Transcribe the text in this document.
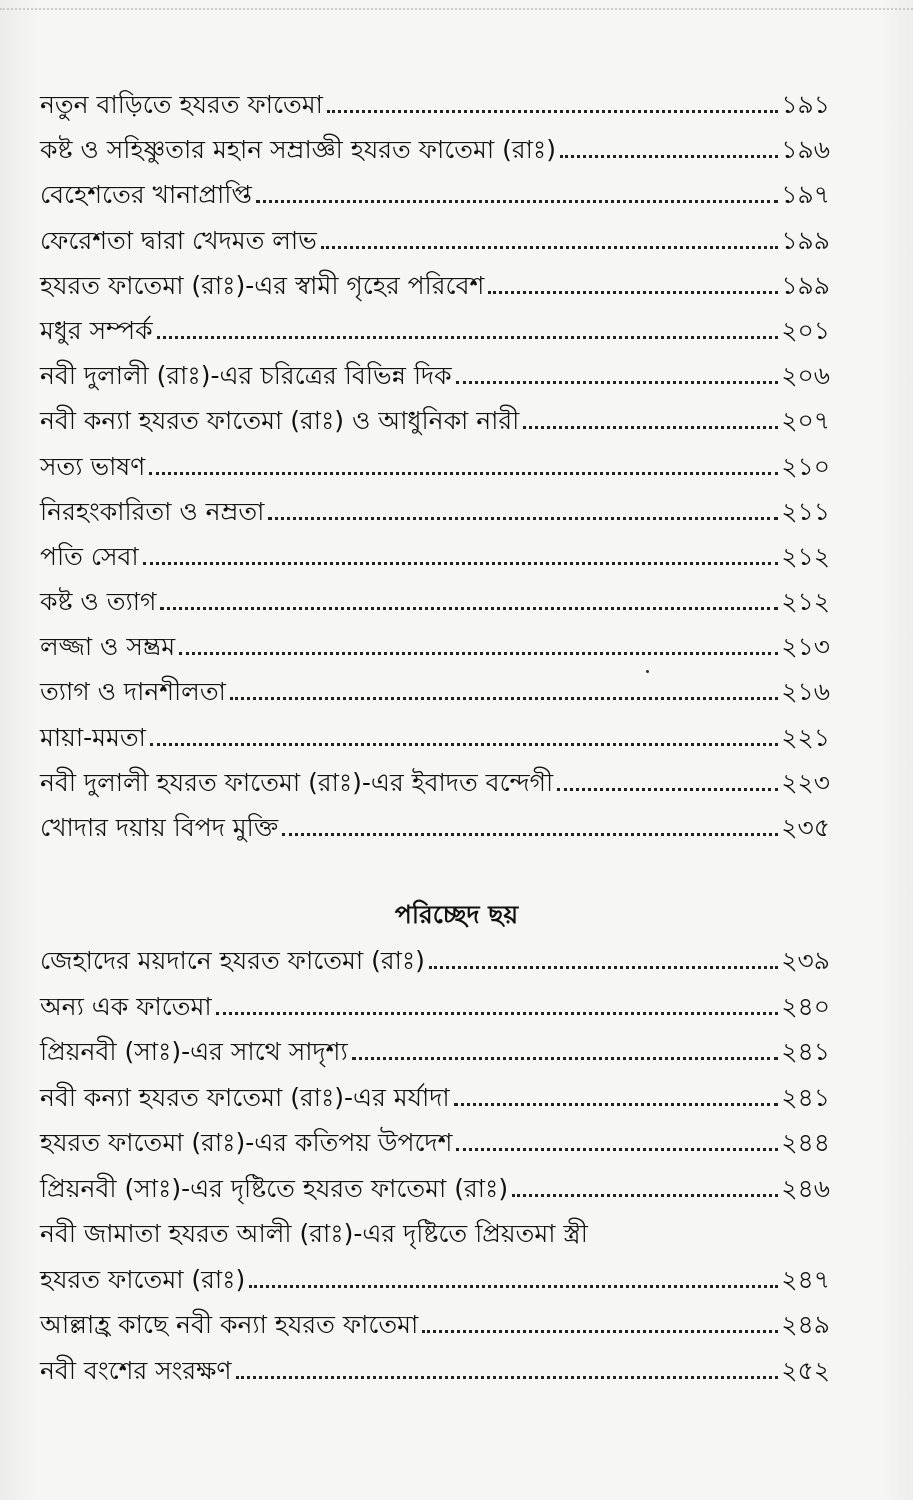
নতুন বাড়িতে হযরত ফাতেমা	১৯১
কষ্ট ও সহিষ্ণুতার মহান সম্রাজ্ঞী হযরত ফাতেমা (রাঃ)	১৯৬
বেহেশতের খানাপ্রাপ্তি	১৯৭
ফেরেশতা দ্বারা খেদমত লাভ	১৯৯
হযরত ফাতেমা (রাঃ)-এর স্বামী গৃহের পরিবেশ	১৯৯
মধুর সম্পর্ক	২০১
নবী দুলালী (রাঃ)-এর চরিত্রের বিভিন্ন দিক	২০৬
নবী কন্যা হযরত ফাতেমা (রাঃ) ও আধুনিকা নারী	২০৭
সত্য ভাষণ	২১০
নিরহংকারিতা ও নম্রতা	২১১
পতি সেবা	২১২
কষ্ট ও ত্যাগ	২১২
লজ্জা ও সম্ভ্রম	২১৩
ত্যাগ ও দানশীলতা	২১৬
মায়া-মমতা	২২১
নবী দুলালী হযরত ফাতেমা (রাঃ)-এর ইবাদত বন্দেগী	২২৩
খোদার দয়ায় বিপদ মুক্তি	২৩৫
পরিচ্ছেদ ছয়
জেহাদের ময়দানে হযরত ফাতেমা (রাঃ)	২৩৯
অন্য এক ফাতেমা	২৪০
প্রিয়নবী (সাঃ)-এর সাথে সাদৃশ্য	২৪১
নবী কন্যা হযরত ফাতেমা (রাঃ)-এর মর্যাদা	২৪১
হযরত ফাতেমা (রাঃ)-এর কতিপয় উপদেশ	২৪৪
প্রিয়নবী (সাঃ)-এর দৃষ্টিতে হযরত ফাতেমা (রাঃ)	২৪৬
নবী জামাতা হযরত আলী (রাঃ)-এর দৃষ্টিতে প্রিয়তমা স্ত্রী
হযরত ফাতেমা (রাঃ)	২৪৭
আল্লাহ্র কাছে নবী কন্যা হযরত ফাতেমা	২৪৯
নবী বংশের সংরক্ষণ	২৫২
